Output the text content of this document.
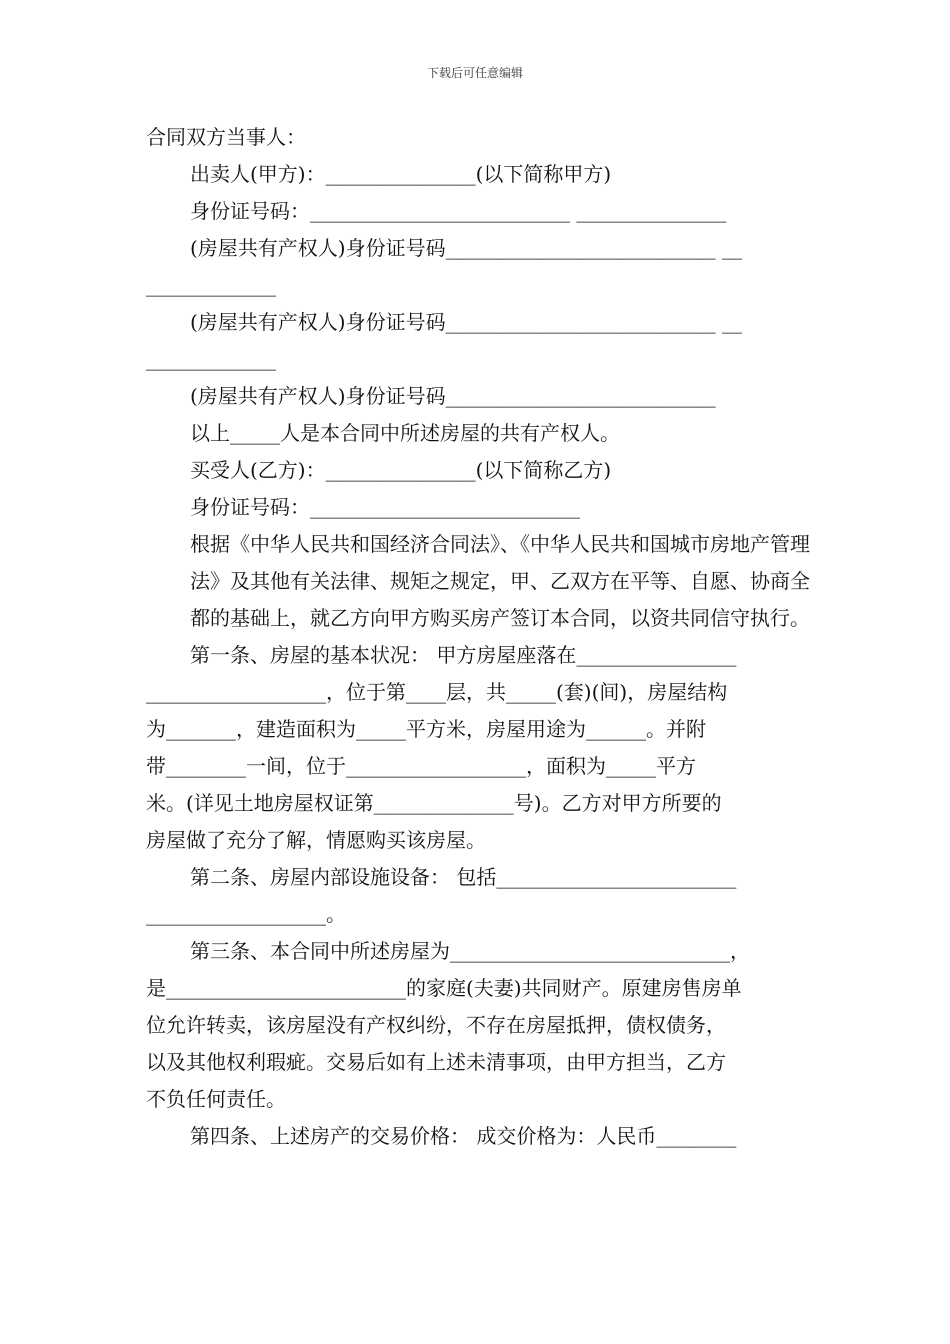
下载后可任意编辑

合同双方当事人：

出卖人(甲方)：_______________(以下简称甲方)

身份证号码：__________________________ _______________

(房屋共有产权人)身份证号码___________________________ __

_____________

(房屋共有产权人)身份证号码___________________________ __

_____________

(房屋共有产权人)身份证号码___________________________

以上_____人是本合同中所述房屋的共有产权人。

买受人(乙方)：_______________(以下简称乙方)

身份证号码：___________________________

根据《中华人民共和国经济合同法》、《中华人民共和国城市房地产管理法》及其他有关法律、规矩之规定，甲、乙双方在平等、自愿、协商全都的基础上，就乙方向甲方购买房产签订本合同，以资共同信守执行。

第一条、房屋的基本状况： 甲方房屋座落在________________

__________________，位于第____层，共_____(套)(间)，房屋结构

为_______，建造面积为_____平方米，房屋用途为______。并附

带________一间，位于__________________，面积为_____平方

米。(详见土地房屋权证第______________号)。乙方对甲方所要的

房屋做了充分了解，情愿购买该房屋。

第二条、房屋内部设施设备： 包括________________________

__________________。

第三条、本合同中所述房屋为____________________________，

是________________________的家庭(夫妻)共同财产。原建房售房单

位允许转卖，该房屋没有产权纠纷，不存在房屋抵押，债权债务，

以及其他权利瑕疵。交易后如有上述未清事项，由甲方担当，乙方

不负任何责任。

第四条、上述房产的交易价格： 成交价格为：人民币________
